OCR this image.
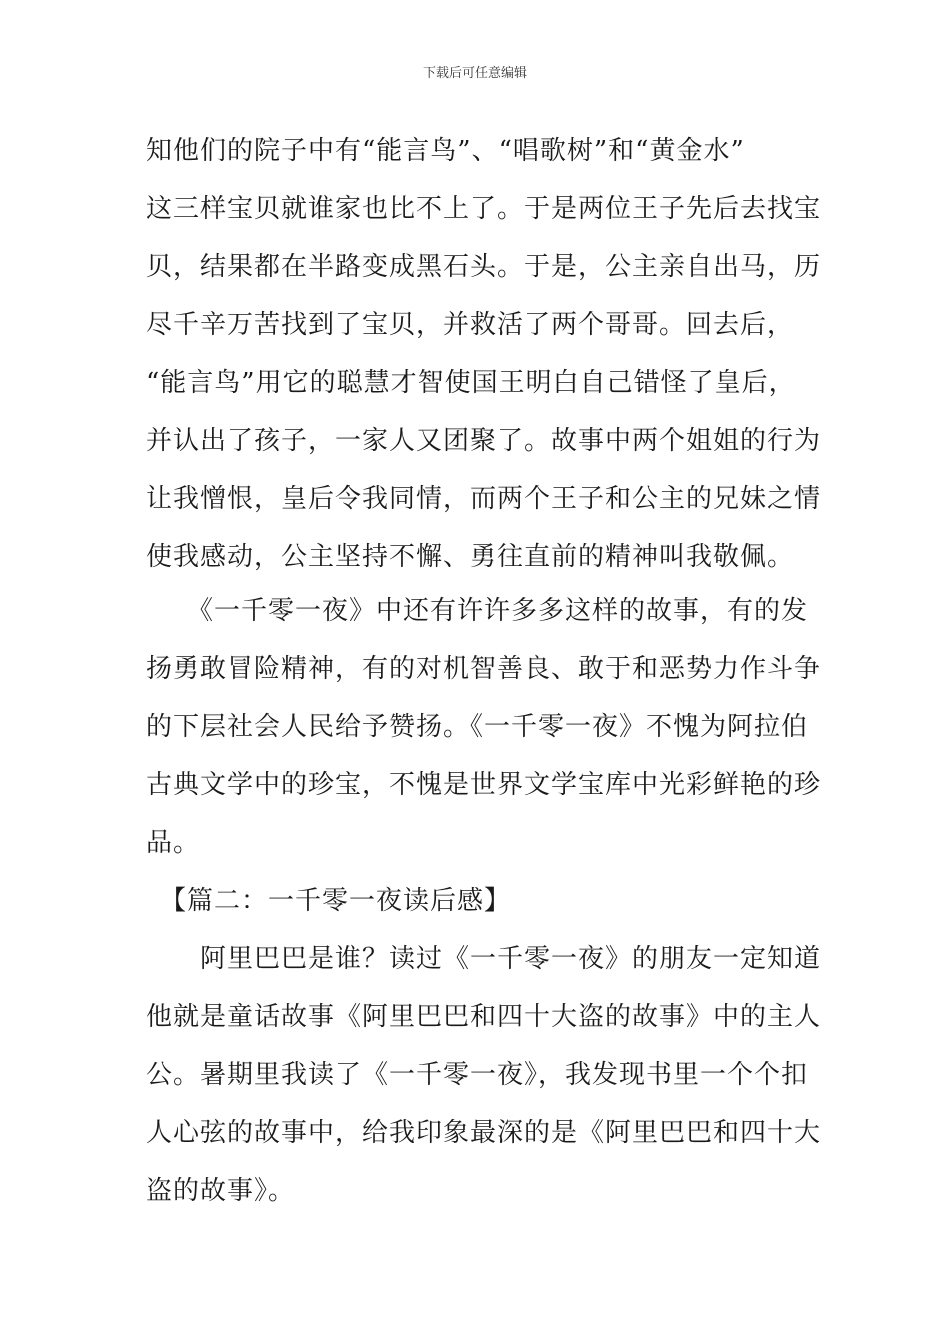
下载后可任意编辑
知他们的院子中有“能言鸟”、“唱歌树”和“黄金水”
这三样宝贝就谁家也比不上了。于是两位王子先后去找宝
贝，结果都在半路变成黑石头。于是，公主亲自出马，历
尽千辛万苦找到了宝贝，并救活了两个哥哥。回去后，
“能言鸟”用它的聪慧才智使国王明白自己错怪了皇后，
并认出了孩子，一家人又团聚了。故事中两个姐姐的行为
让我憎恨，皇后令我同情，而两个王子和公主的兄妹之情
使我感动，公主坚持不懈、勇往直前的精神叫我敬佩。
　　《一千零一夜》中还有许许多多这样的故事，有的发
扬勇敢冒险精神，有的对机智善良、敢于和恶势力作斗争
的下层社会人民给予赞扬。《一千零一夜》不愧为阿拉伯
古典文学中的珍宝，不愧是世界文学宝库中光彩鲜艳的珍
品。
　【篇二：一千零一夜读后感】
　　阿里巴巴是谁？读过《一千零一夜》的朋友一定知道
他就是童话故事《阿里巴巴和四十大盗的故事》中的主人
公。暑期里我读了《一千零一夜》，我发现书里一个个扣
人心弦的故事中，给我印象最深的是《阿里巴巴和四十大
盗的故事》。
